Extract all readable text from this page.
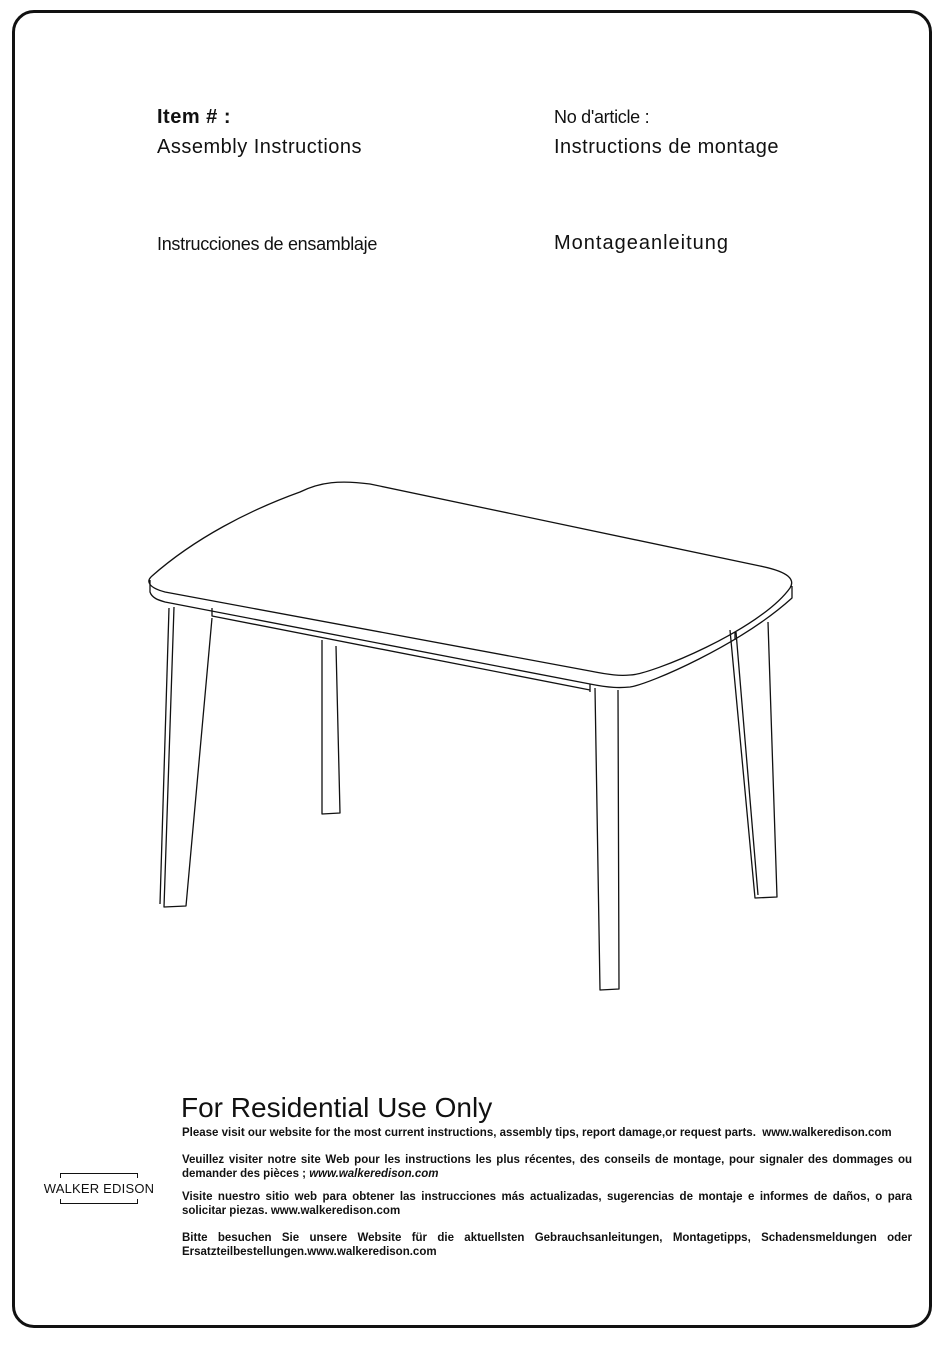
Item # :
Assembly Instructions
No d'article :
Instructions de montage
Instrucciones de ensamblaje	Montageanleitung
For Residential Use Only
Please visit our website for the most current instructions, assembly tips, report damage,or request parts. www.walkeredison.com
Veuillez visiter notre site Web pour les instructions les plus récentes, des conseils de montage, pour signaler des dommages ou demander des pièces ; www.walkeredison.com
Visite nuestro sitio web para obtener las instrucciones más actualizadas, sugerencias de montaje e informes de daños, o para solicitar piezas. www.walkeredison.com
Bitte besuchen Sie unsere Website für die aktuellsten Gebrauchsanleitungen, Montagetipps, Schadensmeldungen oder Ersatzteilbestellungen.www.walkeredison.com
WALKER EDISON
